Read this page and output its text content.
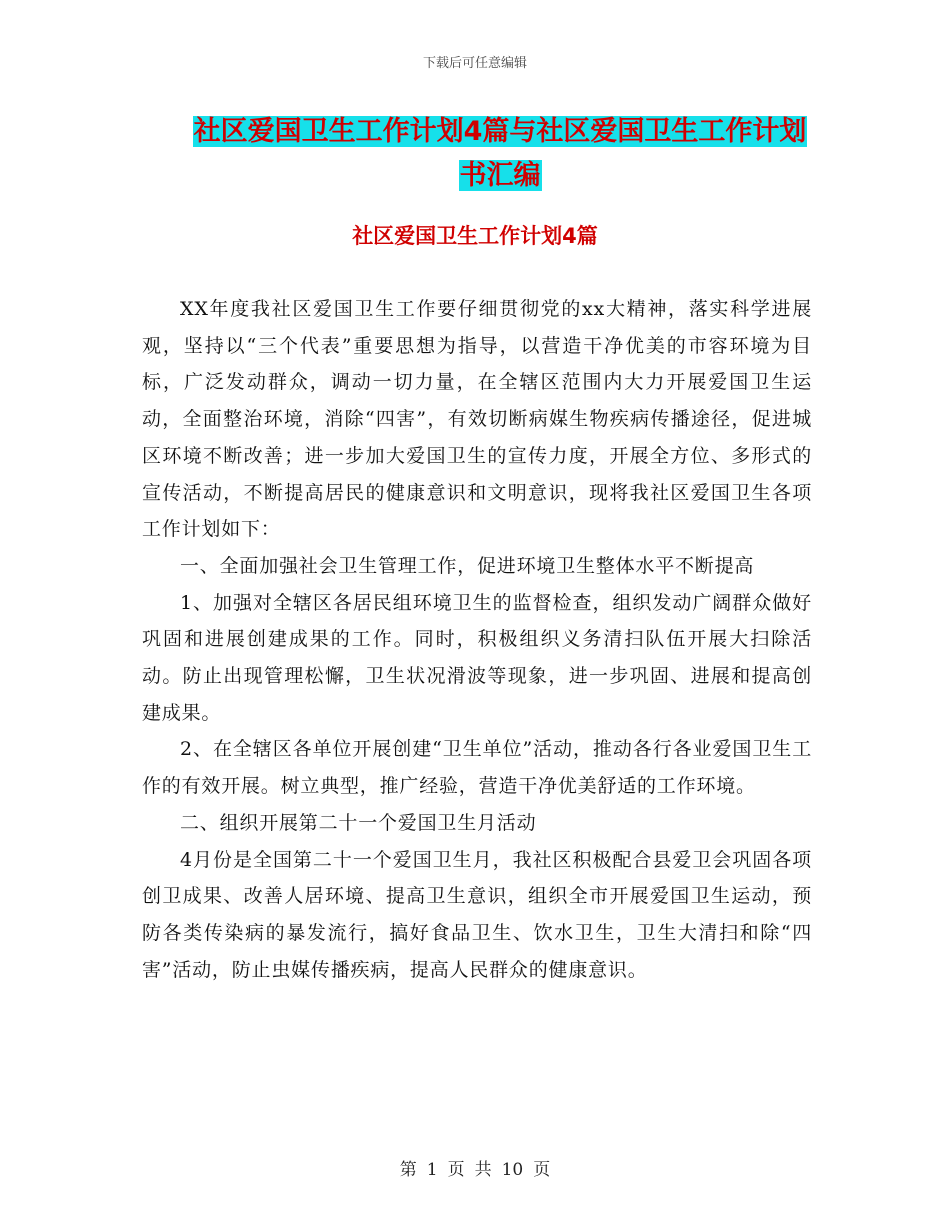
下载后可任意编辑
社区爱国卫生工作计划4篇与社区爱国卫生工作计划
书汇编
社区爱国卫生工作计划4篇

XX年度我社区爱国卫生工作要仔细贯彻党的xx大精神，落实科学进展观，坚持以“三个代表”重要思想为指导，以营造干净优美的市容环境为目标，广泛发动群众，调动一切力量，在全辖区范围内大力开展爱国卫生运动，全面整治环境，消除“四害”，有效切断病媒生物疾病传播途径，促进城区环境不断改善；进一步加大爱国卫生的宣传力度，开展全方位、多形式的宣传活动，不断提高居民的健康意识和文明意识，现将我社区爱国卫生各项工作计划如下：

一、全面加强社会卫生管理工作，促进环境卫生整体水平不断提高

1、加强对全辖区各居民组环境卫生的监督检查，组织发动广阔群众做好巩固和进展创建成果的工作。同时，积极组织义务清扫队伍开展大扫除活动。防止出现管理松懈，卫生状况滑波等现象，进一步巩固、进展和提高创建成果。

2、在全辖区各单位开展创建“卫生单位”活动，推动各行各业爱国卫生工作的有效开展。树立典型，推广经验，营造干净优美舒适的工作环境。

二、组织开展第二十一个爱国卫生月活动

4月份是全国第二十一个爱国卫生月，我社区积极配合县爱卫会巩固各项创卫成果、改善人居环境、提高卫生意识，组织全市开展爱国卫生运动，预防各类传染病的暴发流行，搞好食品卫生、饮水卫生，卫生大清扫和除“四害”活动，防止虫媒传播疾病，提高人民群众的健康意识。

第 1 页 共 10 页
